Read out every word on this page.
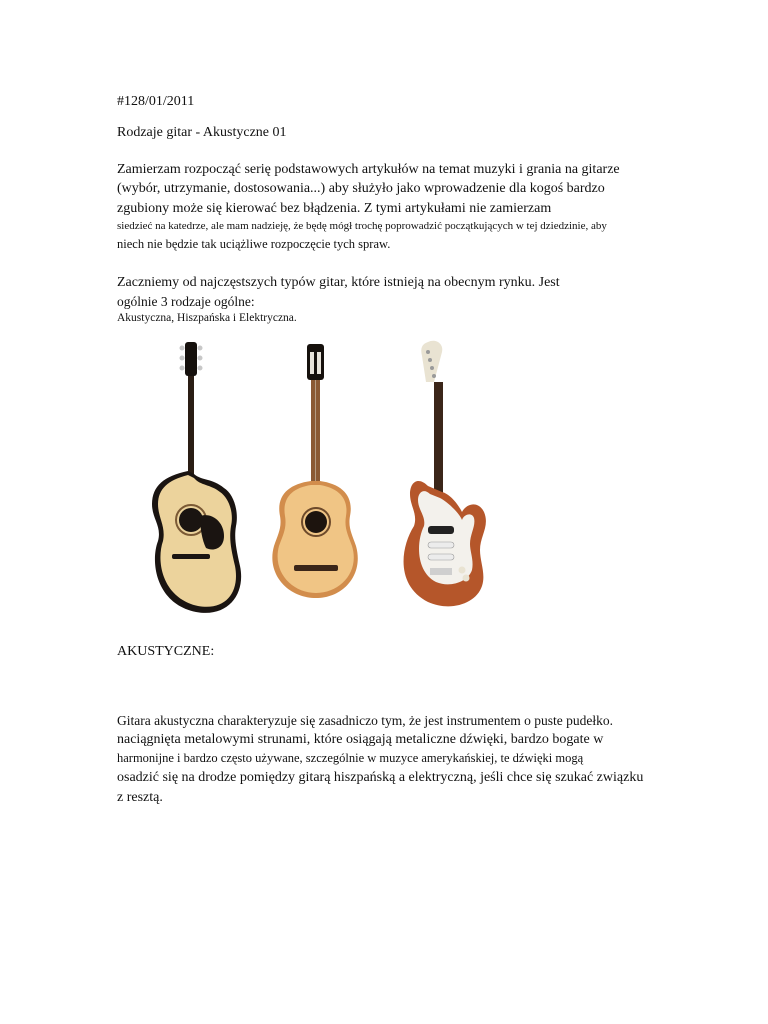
#128/01/2011
Rodzaje gitar - Akustyczne 01
Zamierzam rozpocząć serię podstawowych artykułów na temat muzyki i grania na gitarze
(wybór, utrzymanie, dostosowania...) aby służyło jako wprowadzenie dla kogoś bardzo
zgubiony może się kierować bez błądzenia. Z tymi artykułami nie zamierzam
siedzieć na katedrze, ale mam nadzieję, że będę mógł trochę poprowadzić początkujących w tej dziedzinie, aby
niech nie będzie tak uciążliwe rozpoczęcie tych spraw.
Zaczniemy od najczęstszych typów gitar, które istnieją na obecnym rynku. Jest
ogólnie 3 rodzaje ogólne:
Akustyczna, Hiszpańska i Elektryczna.
AKUSTYCZNE:
Gitara akustyczna charakteryzuje się zasadniczo tym, że jest instrumentem o puste pudełko.
naciągnięta metalowymi strunami, które osiągają metaliczne dźwięki, bardzo bogate w
harmonijne i bardzo często używane, szczególnie w muzyce amerykańskiej, te dźwięki mogą
osadzić się na drodze pomiędzy gitarą hiszpańską a elektryczną, jeśli chce się szukać związku
z resztą.
